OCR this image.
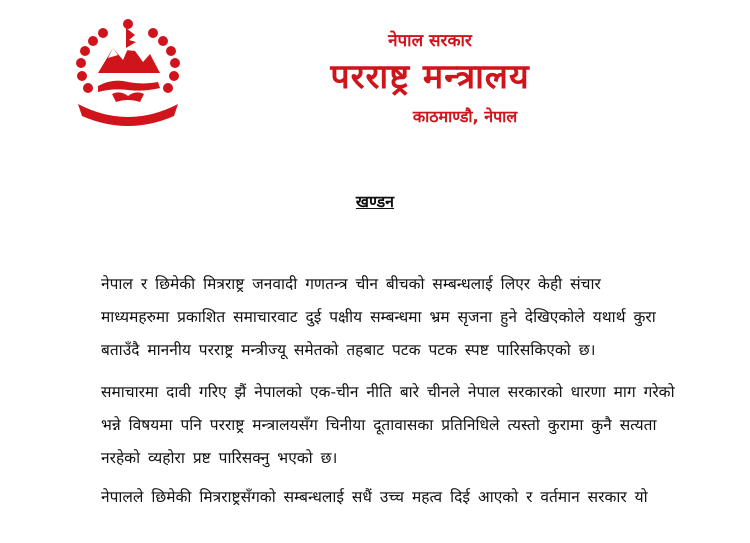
नेपाल सरकार
परराष्ट्र मन्त्रालय
काठमाण्डौ, नेपाल
खण्डन
नेपाल र छिमेकी मित्रराष्ट्र जनवादी गणतन्त्र चीन बीचको सम्बन्धलाई लिएर केही संचार
माध्यमहरुमा प्रकाशित समाचारवाट दुई पक्षीय सम्बन्धमा भ्रम सृजना हुने देखिएकोले यथार्थ कुरा
बताउँदै माननीय परराष्ट्र मन्त्रीज्यू समेतको तहबाट पटक पटक स्पष्ट पारिसकिएको छ।
समाचारमा दावी गरिए झैं नेपालको एक-चीन नीति बारे चीनले नेपाल सरकारको धारणा माग गरेको
भन्ने विषयमा पनि परराष्ट्र मन्त्रालयसँग चिनीया दूतावासका प्रतिनिधिले त्यस्तो कुरामा कुनै सत्यता
नरहेको व्यहोरा प्रष्ट पारिसक्नु भएको छ।
नेपालले छिमेकी मित्रराष्ट्रसँगको सम्बन्धलाई सधैं उच्च महत्व दिई आएको र वर्तमान सरकार यो
